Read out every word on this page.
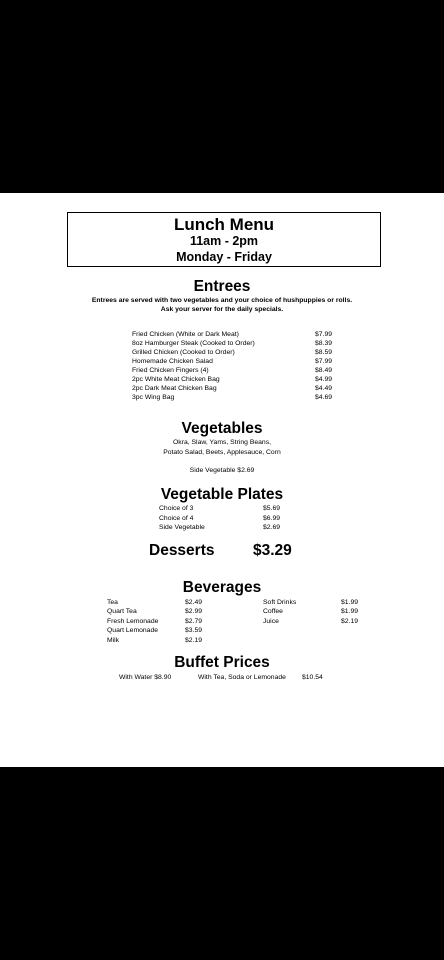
Lunch Menu
11am - 2pm
Monday - Friday
Entrees
Entrees are served with two vegetables and your choice of hushpuppies or rolls.
Ask your server for the daily specials.
Fried Chicken (White or Dark Meat)	$7.99
8oz Hamburger Steak (Cooked to Order)	$8.39
Grilled Chicken (Cooked to Order)	$8.59
Homemade Chicken Salad	$7.99
Fried Chicken Fingers (4)	$8.49
2pc White Meat Chicken Bag	$4.99
2pc Dark Meat Chicken Bag	$4.49
3pc Wing Bag	$4.69
Vegetables
Okra, Slaw, Yams, String Beans,
Potato Salad, Beets, Applesauce, Corn
Side Vegetable $2.69
Vegetable Plates
Choice of 3	$5.69
Choice of 4	$6.99
Side Vegetable	$2.69
Desserts $3.29
Beverages
Tea	$2.49
Quart Tea	$2.99
Fresh Lemonade	$2.79
Quart Lemonade	$3.59
Milk	$2.19
Soft Drinks	$1.99
Coffee	$1.99
Juice	$2.19
Buffet Prices
With Water $8.90	With Tea, Soda or Lemonade $10.54
